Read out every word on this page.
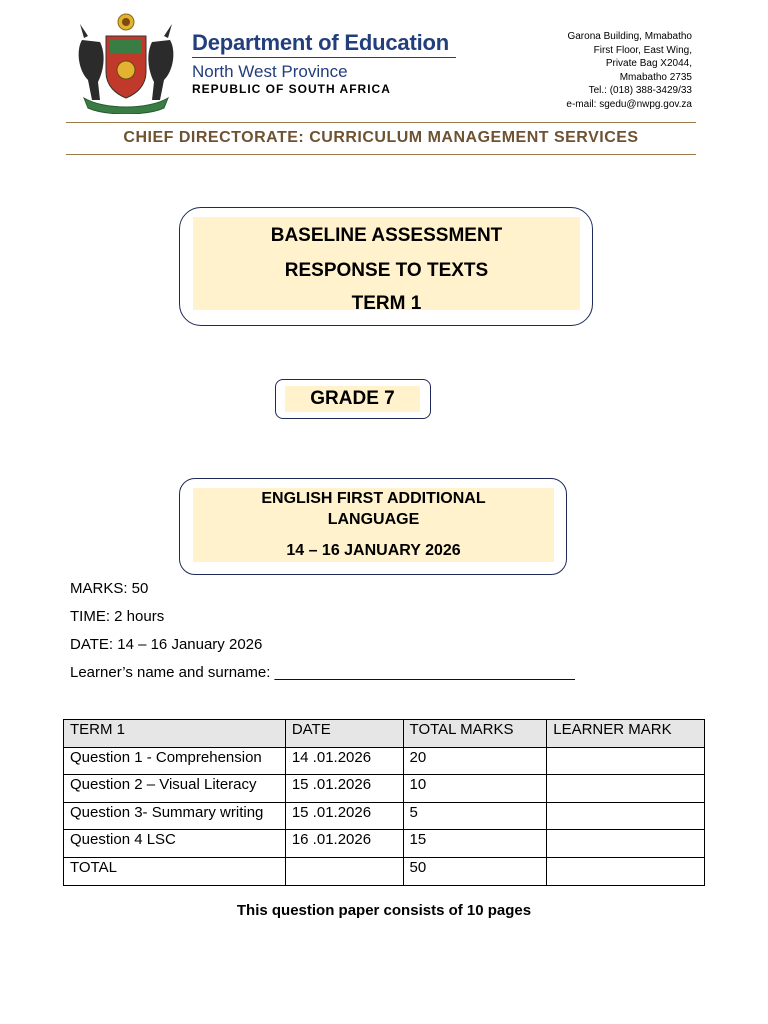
Department of Education
North West Province
REPUBLIC OF SOUTH AFRICA
Garona Building, Mmabatho
First Floor, East Wing,
Private Bag X2044,
Mmabatho 2735
Tel.: (018) 388-3429/33
e-mail: sgedu@nwpg.gov.za
CHIEF DIRECTORATE: CURRICULUM MANAGEMENT SERVICES
BASELINE ASSESSMENT
RESPONSE TO TEXTS
TERM 1
GRADE 7
ENGLISH FIRST ADDITIONAL
LANGUAGE
14 – 16 JANUARY 2026
MARKS: 50
TIME: 2 hours
DATE: 14 – 16 January 2026
Learner’s name and surname: ____________________________________
TERM 1	DATE	TOTAL MARKS	LEARNER MARK
Question 1 - Comprehension	14 .01.2026	20	
Question 2 – Visual Literacy	15 .01.2026	10	
Question 3- Summary writing	15 .01.2026	5	
Question 4 LSC	16 .01.2026	15	
TOTAL		50	
This question paper consists of 10 pages
